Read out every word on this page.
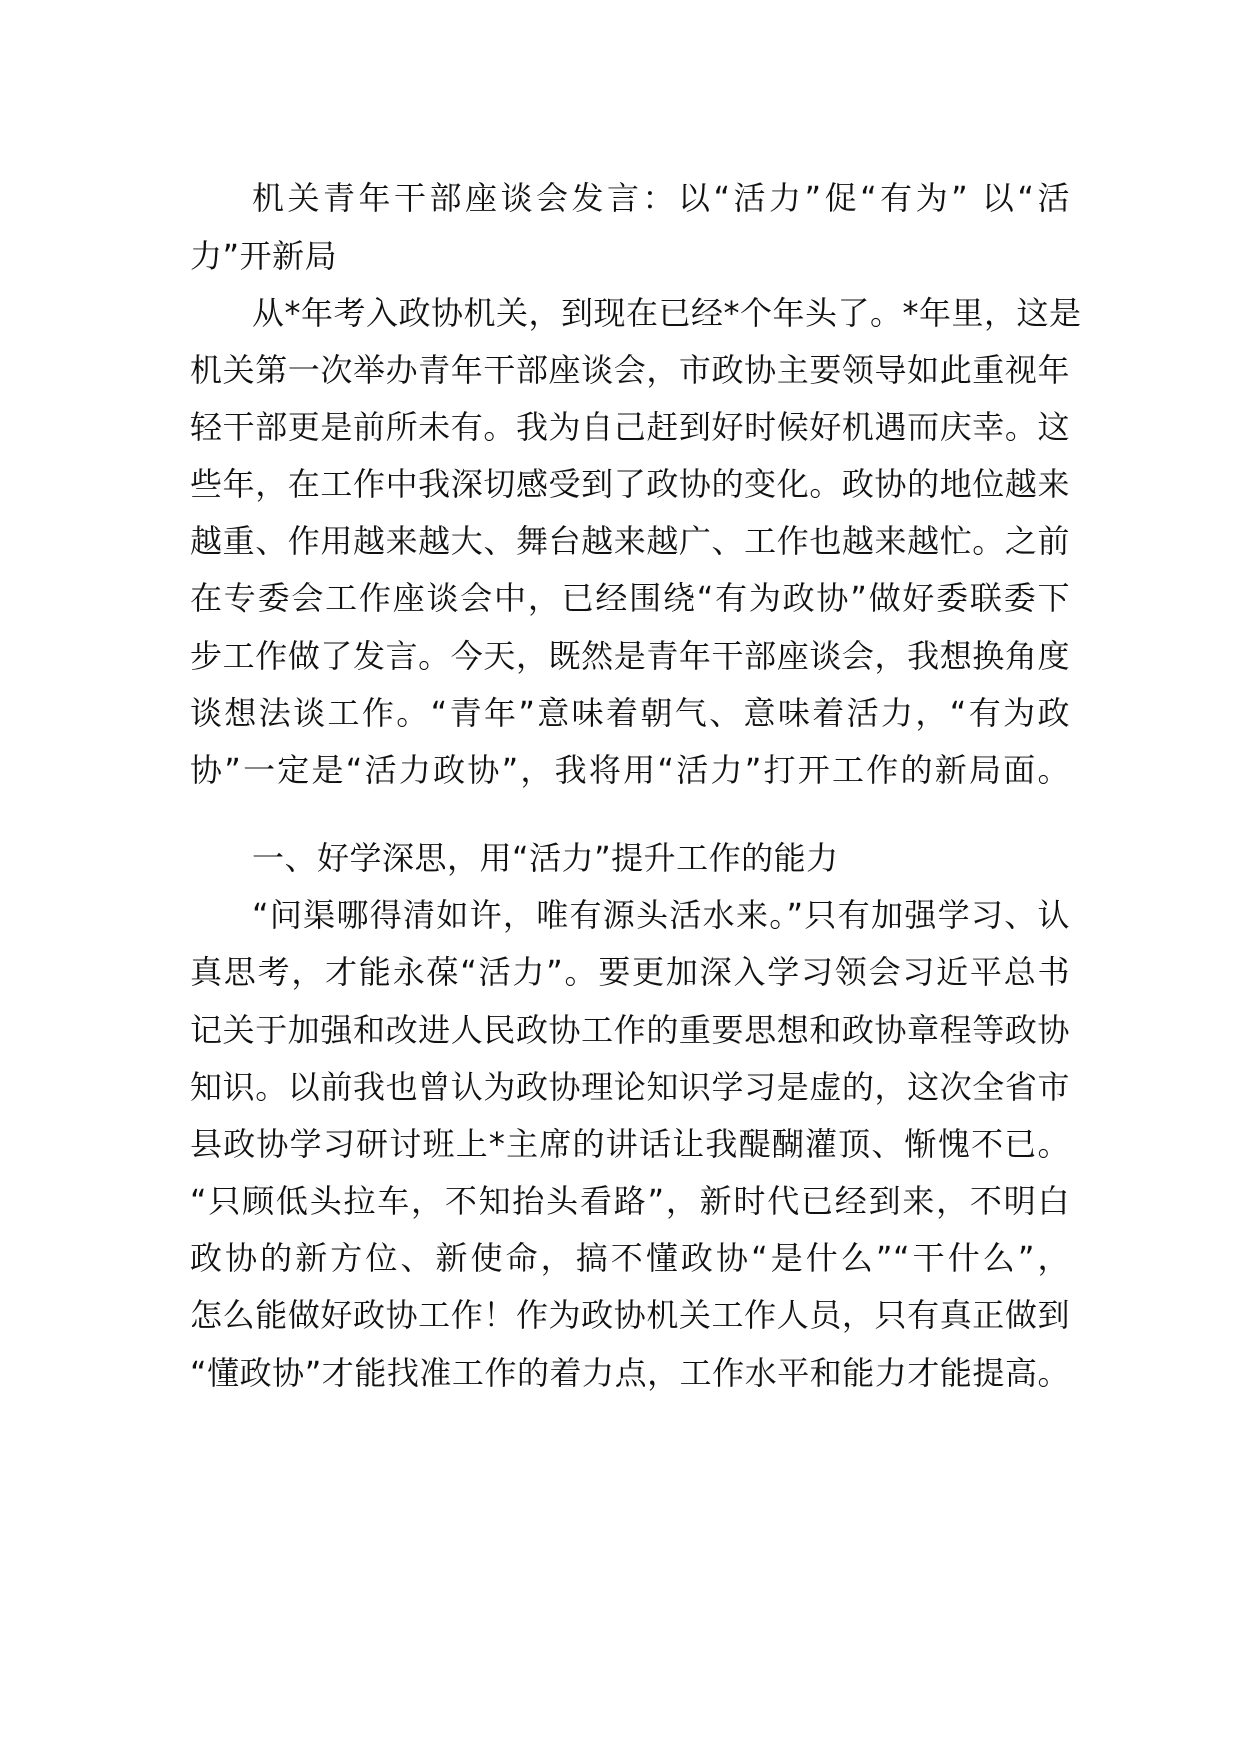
机关青年干部座谈会发言：以“活力”促“有为” 以“活
力”开新局
从*年考入政协机关，到现在已经*个年头了。*年里，这是
机关第一次举办青年干部座谈会，市政协主要领导如此重视年
轻干部更是前所未有。我为自己赶到好时候好机遇而庆幸。这
些年，在工作中我深切感受到了政协的变化。政协的地位越来
越重、作用越来越大、舞台越来越广、工作也越来越忙。之前
在专委会工作座谈会中，已经围绕“有为政协”做好委联委下
步工作做了发言。今天，既然是青年干部座谈会，我想换角度
谈想法谈工作。“青年”意味着朝气、意味着活力，“有为政
协”一定是“活力政协”，我将用“活力”打开工作的新局面。
一、好学深思，用“活力”提升工作的能力
“问渠哪得清如许，唯有源头活水来。”只有加强学习、认
真思考，才能永葆“活力”。要更加深入学习领会习近平总书
记关于加强和改进人民政协工作的重要思想和政协章程等政协
知识。以前我也曾认为政协理论知识学习是虚的，这次全省市
县政协学习研讨班上*主席的讲话让我醍醐灌顶、惭愧不已。
“只顾低头拉车，不知抬头看路”，新时代已经到来，不明白
政协的新方位、新使命，搞不懂政协“是什么”“干什么”，
怎么能做好政协工作！作为政协机关工作人员，只有真正做到
“懂政协”才能找准工作的着力点，工作水平和能力才能提高。
